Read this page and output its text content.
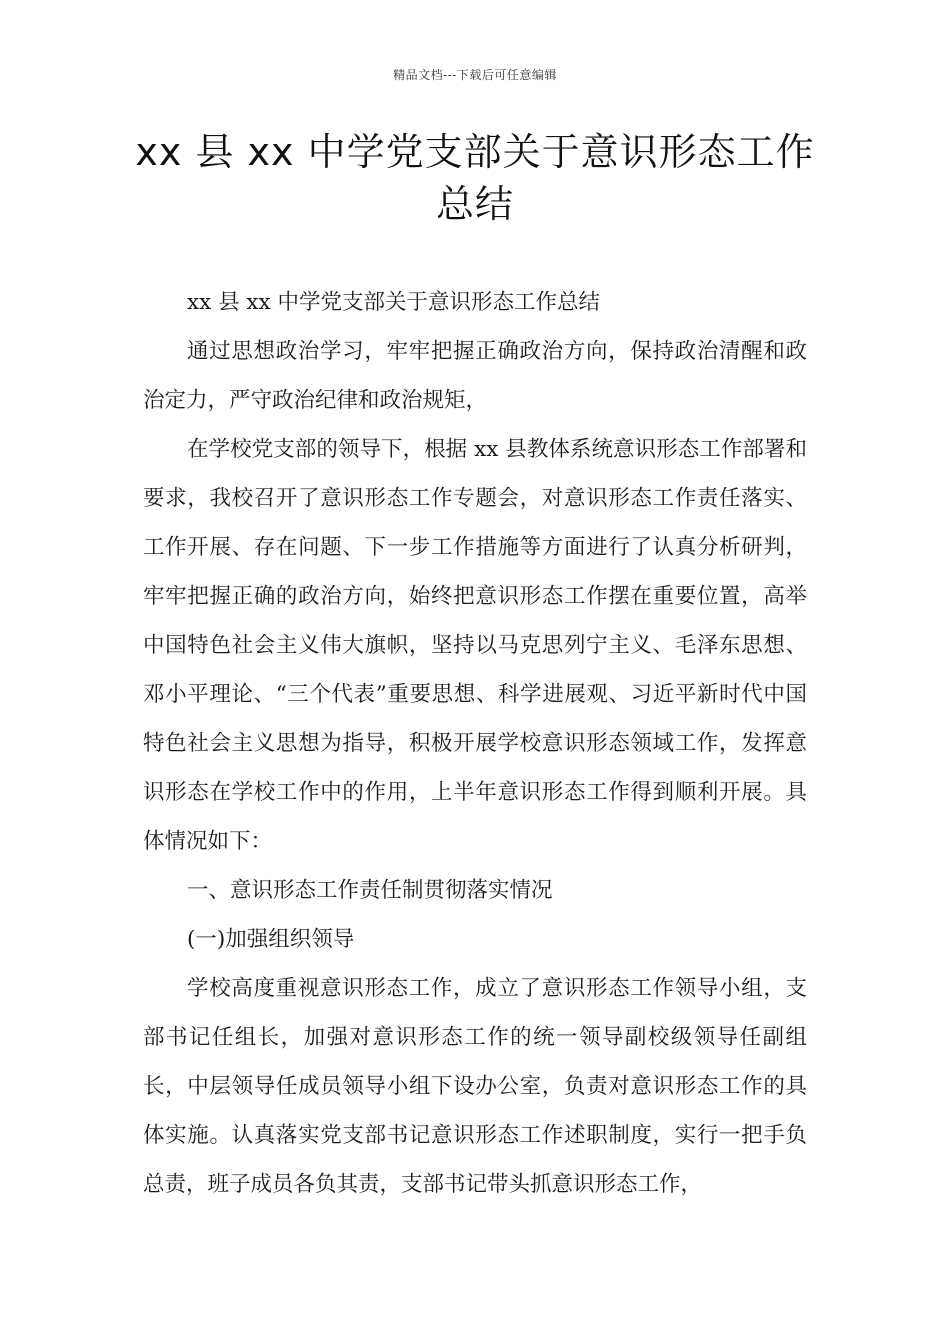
精品文档---下载后可任意编辑
xx 县 xx 中学党支部关于意识形态工作
总结

xx 县 xx 中学党支部关于意识形态工作总结

通过思想政治学习，牢牢把握正确政治方向，保持政治清醒和政治定力，严守政治纪律和政治规矩，

在学校党支部的领导下，根据 xx 县教体系统意识形态工作部署和要求，我校召开了意识形态工作专题会，对意识形态工作责任落实、工作开展、存在问题、下一步工作措施等方面进行了认真分析研判，牢牢把握正确的政治方向，始终把意识形态工作摆在重要位置，高举中国特色社会主义伟大旗帜，坚持以马克思列宁主义、毛泽东思想、邓小平理论、“三个代表”重要思想、科学进展观、习近平新时代中国特色社会主义思想为指导，积极开展学校意识形态领域工作，发挥意识形态在学校工作中的作用，上半年意识形态工作得到顺利开展。具体情况如下：

一、意识形态工作责任制贯彻落实情况

(一)加强组织领导

学校高度重视意识形态工作，成立了意识形态工作领导小组，支部书记任组长，加强对意识形态工作的统一领导副校级领导任副组长，中层领导任成员领导小组下设办公室，负责对意识形态工作的具体实施。认真落实党支部书记意识形态工作述职制度，实行一把手负总责，班子成员各负其责，支部书记带头抓意识形态工作，
